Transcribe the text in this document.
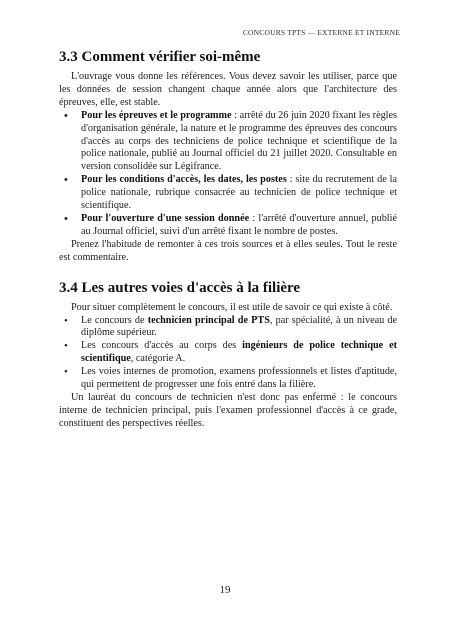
CONCOURS TPTS — EXTERNE ET INTERNE
3.3 Comment vérifier soi-même

L'ouvrage vous donne les références. Vous devez savoir les utiliser, parce que les données de session changent chaque année alors que l'architecture des épreuves, elle, est stable.

• Pour les épreuves et le programme : arrêté du 26 juin 2020 fixant les règles d'organisation générale, la nature et le programme des épreuves des concours d'accès au corps des techniciens de police technique et scientifique de la police nationale, publié au Journal officiel du 21 juillet 2020. Consultable en version consolidée sur Légifrance.
• Pour les conditions d'accès, les dates, les postes : site du recrutement de la police nationale, rubrique consacrée au technicien de police technique et scientifique.
• Pour l'ouverture d'une session donnée : l'arrêté d'ouverture annuel, publié au Journal officiel, suivi d'un arrêté fixant le nombre de postes.

Prenez l'habitude de remonter à ces trois sources et à elles seules. Tout le reste est commentaire.

3.4 Les autres voies d'accès à la filière

Pour situer complètement le concours, il est utile de savoir ce qui existe à côté.

• Le concours de technicien principal de PTS, par spécialité, à un niveau de diplôme supérieur.
• Les concours d'accès au corps des ingénieurs de police technique et scientifique, catégorie A.
• Les voies internes de promotion, examens professionnels et listes d'aptitude, qui permettent de progresser une fois entré dans la filière.

Un lauréat du concours de technicien n'est donc pas enfermé : le concours interne de technicien principal, puis l'examen professionnel d'accès à ce grade, constituent des perspectives réelles.

19
